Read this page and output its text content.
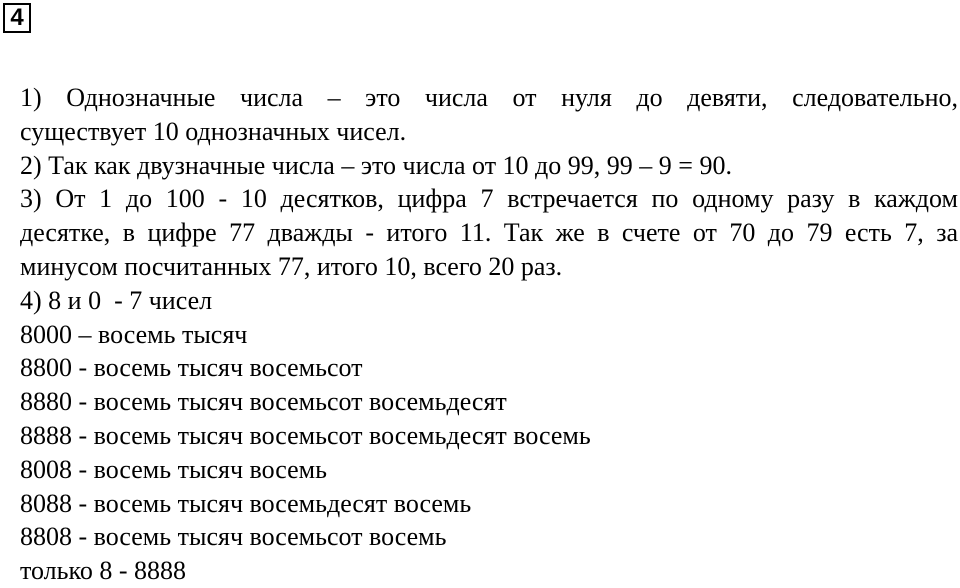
4
1) Однозначные числа – это числа от нуля до девяти, следовательно,
существует 10 однозначных чисел.
2) Так как двузначные числа – это числа от 10 до 99, 99 – 9 = 90.
3) От 1 до 100 - 10 десятков, цифра 7 встречается по одному разу в каждом
десятке, в цифре 77 дважды - итого 11. Так же в счете от 70 до 79 есть 7, за
минусом посчитанных 77, итого 10, всего 20 раз.
4) 8 и 0  - 7 чисел
8000 – восемь тысяч
8800 - восемь тысяч восемьсот
8880 - восемь тысяч восемьсот восемьдесят
8888 - восемь тысяч восемьсот восемьдесят восемь
8008 - восемь тысяч восемь
8088 - восемь тысяч восемьдесят восемь
8808 - восемь тысяч восемьсот восемь
только 8 - 8888
